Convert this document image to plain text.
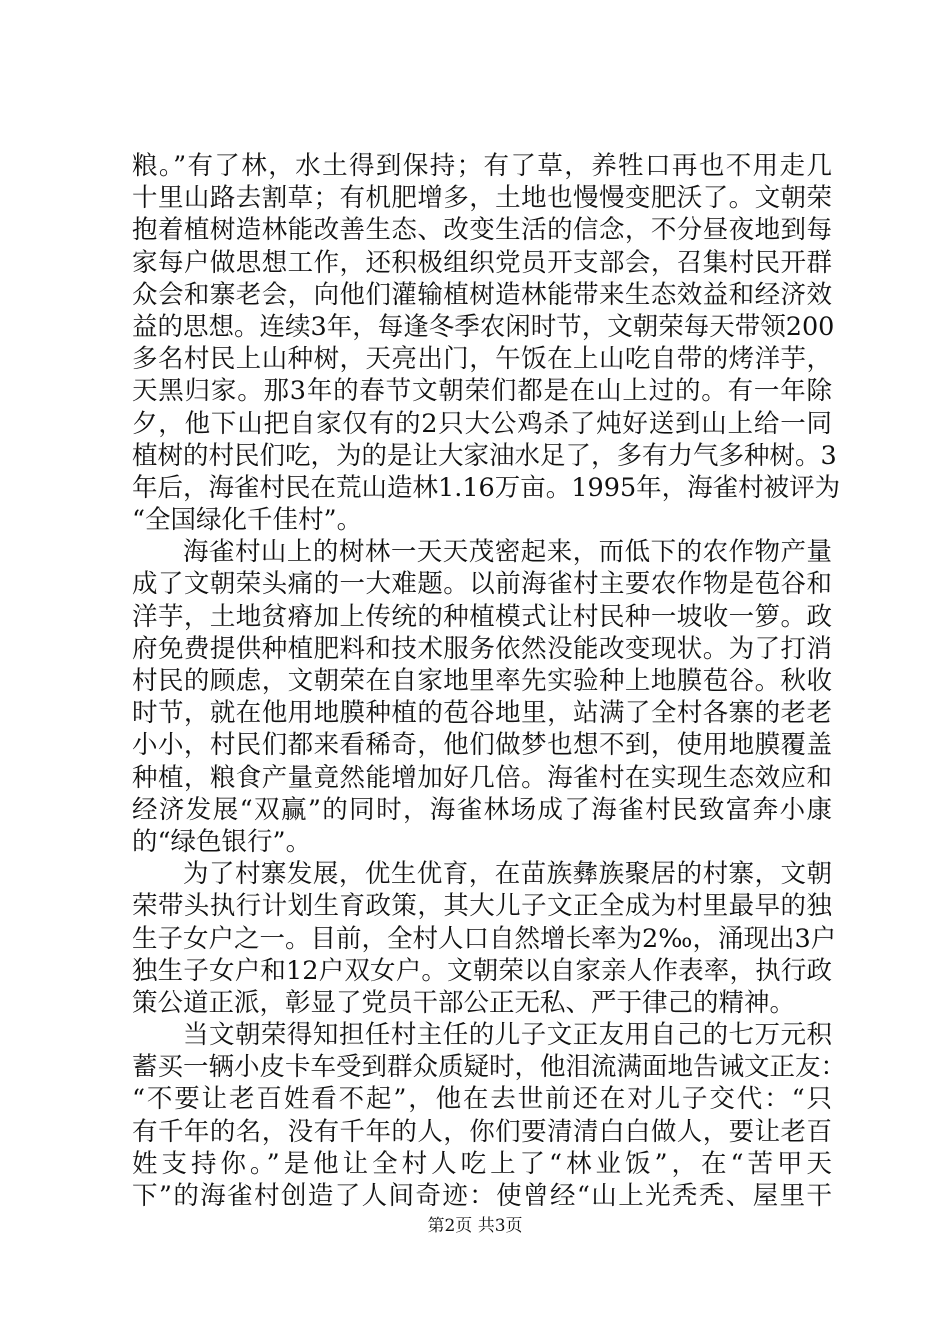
粮。”有了林，水土得到保持；有了草，养牲口再也不用走几
十里山路去割草；有机肥增多，土地也慢慢变肥沃了。文朝荣
抱着植树造林能改善生态、改变生活的信念，不分昼夜地到每
家每户做思想工作，还积极组织党员开支部会，召集村民开群
众会和寨老会，向他们灌输植树造林能带来生态效益和经济效
益的思想。连续3年，每逢冬季农闲时节，文朝荣每天带领200
多名村民上山种树，天亮出门，午饭在上山吃自带的烤洋芋，
天黑归家。那3年的春节文朝荣们都是在山上过的。有一年除
夕，他下山把自家仅有的2只大公鸡杀了炖好送到山上给一同
植树的村民们吃，为的是让大家油水足了，多有力气多种树。3
年后，海雀村民在荒山造林1.16万亩。1995年，海雀村被评为
“全国绿化千佳村”。
海雀村山上的树林一天天茂密起来，而低下的农作物产量
成了文朝荣头痛的一大难题。以前海雀村主要农作物是苞谷和
洋芋，土地贫瘠加上传统的种植模式让村民种一坡收一箩。政
府免费提供种植肥料和技术服务依然没能改变现状。为了打消
村民的顾虑，文朝荣在自家地里率先实验种上地膜苞谷。秋收
时节，就在他用地膜种植的苞谷地里，站满了全村各寨的老老
小小，村民们都来看稀奇，他们做梦也想不到，使用地膜覆盖
种植，粮食产量竟然能增加好几倍。海雀村在实现生态效应和
经济发展“双赢”的同时，海雀林场成了海雀村民致富奔小康
的“绿色银行”。
为了村寨发展，优生优育，在苗族彝族聚居的村寨，文朝
荣带头执行计划生育政策，其大儿子文正全成为村里最早的独
生子女户之一。目前，全村人口自然增长率为2‰，涌现出3户
独生子女户和12户双女户。文朝荣以自家亲人作表率，执行政
策公道正派，彰显了党员干部公正无私、严于律己的精神。
当文朝荣得知担任村主任的儿子文正友用自己的七万元积
蓄买一辆小皮卡车受到群众质疑时，他泪流满面地告诫文正友：
“不要让老百姓看不起”，他在去世前还在对儿子交代：“只
有千年的名，没有千年的人，你们要清清白白做人，要让老百
姓支持你。”是他让全村人吃上了“林业饭”，在“苦甲天
下”的海雀村创造了人间奇迹：使曾经“山上光秃秃、屋里干
第2页 共3页
